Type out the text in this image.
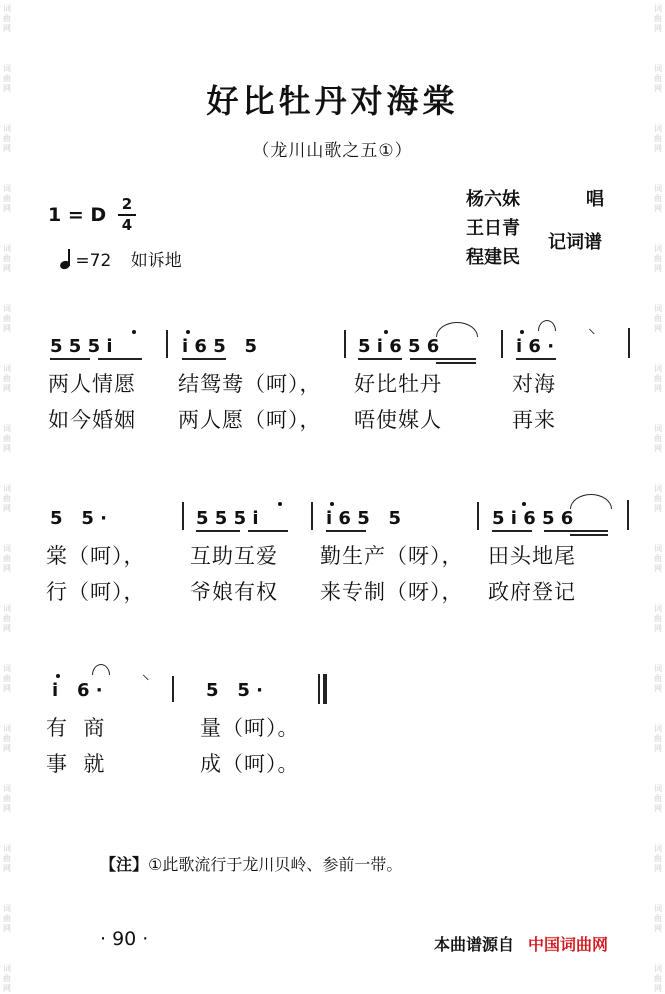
词
曲
网
词
曲
网
词
曲
网
词
曲
网
词
曲
网
词
曲
网
词
曲
网
词
曲
网
词
曲
网
词
曲
网
词
曲
网
词
曲
网
词
曲
网
词
曲
网
词
曲
网
词
曲
网
词
曲
网
词
曲
网
词
曲
网
词
曲
网
词
曲
网
词
曲
网
词
曲
网
词
曲
网
词
曲
网
词
曲
网
词
曲
网
词
曲
网
词
曲
网
词
曲
网
词
曲
网
词
曲
网
词
曲
网
词
曲
网
好比牡丹对海棠
（龙川山歌之五①）
1 = D 2
4
=72 如诉地
杨六妹	唱
王日青
程建民
记词谱
5 5 5 i	i 6 5   5	5 i 6 5 6	i 6 ·
⸜
两人情愿 结鸳鸯（呵）， 好比牡丹	对海
如今婚姻 两人愿（呵）， 唔使媒人	再来
5   5 ·	5 5 5 i	i 6 5   5	5 i 6 5 6
棠（呵）， 互助互爱 勤生产（呀）， 田头地尾
行（呵）， 爷娘有权 来专制（呀）， 政府登记
i   6 ·	5   5 ·
⸜
有  商	量（呵）。
事  就	成（呵）。
【注】①此歌流行于龙川贝岭、参前一带。
· 90 ·	本曲谱源自 中国词曲网
